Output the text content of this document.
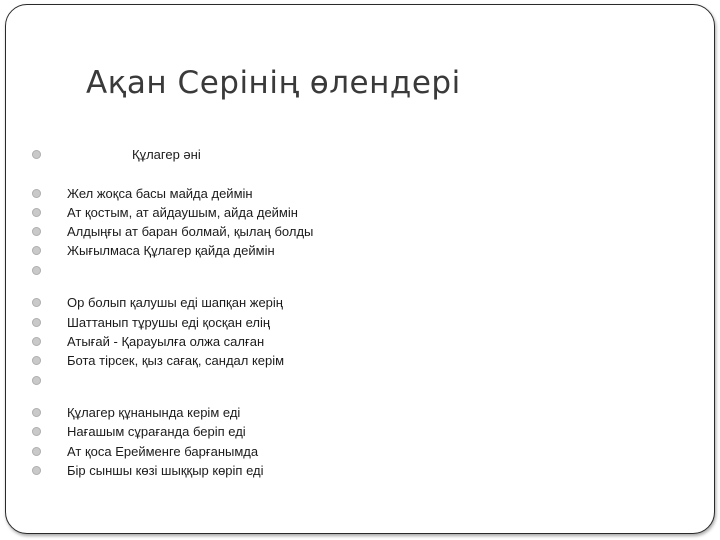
Ақан Серінің өлендері
Құлагер әні
Жел жоқса басы майда деймін
Ат қостым, ат айдаушым, айда деймін
Алдыңғы ат баран болмай, қылаң болды
Жығылмаса Құлагер қайда деймін
Ор болып қалушы еді шапқан жерің
Шаттанып тұрушы еді қосқан елің
Атығай - Қарауылға олжа салған
Бота тірсек, қыз сағақ, сандал керім
Құлагер құнанында керім еді
Нағашым сұрағанда беріп еді
Ат қоса Ерейменге барғанымда
Бір сыншы көзі шыққыр көріп еді
